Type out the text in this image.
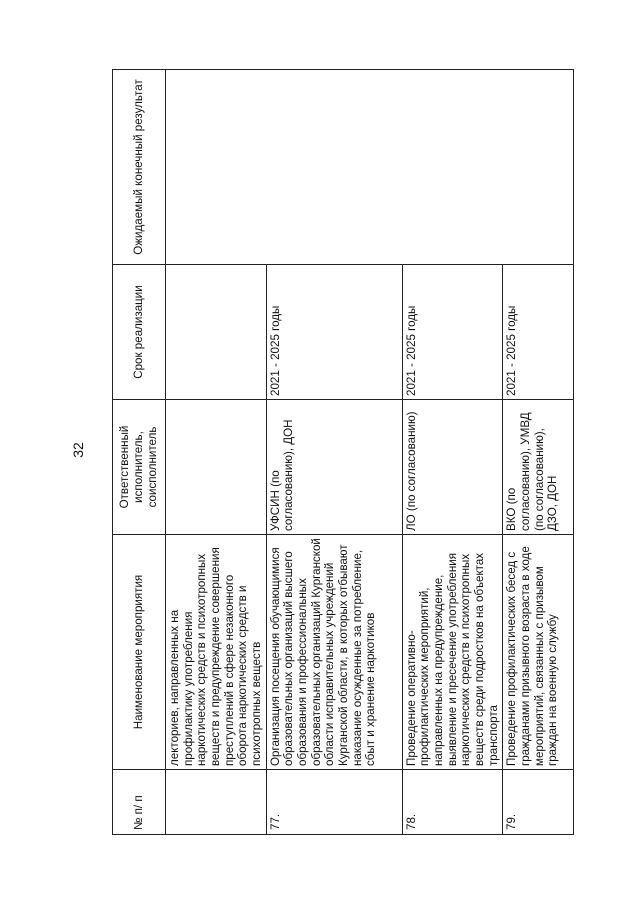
32
№ п/ п	Наименование мероприятия	Ответственный исполнитель, соисполнитель	Срок реализации	Ожидаемый конечный результат
	лекториев, направленных на профилактику употребления наркотических средств и психотропных веществ и предупреждение совершения преступлений в сфере незаконного оборота наркотических средств и психотропных веществ			
77.	Организация посещения обучающимися образовательных организаций высшего образования и профессиональных образовательных организаций Курганской области исправительных учреждений Курганской области, в которых отбывают наказание осужденные за потребление, сбыт и хранение наркотиков	УФСИН (по согласованию), ДОН	2021 - 2025 годы	
78.	Проведение оперативно-профилактических мероприятий, направленных на предупреждение, выявление и пресечение употребления наркотических средств и психотропных веществ среди подростков на объектах транспорта	ЛО (по согласованию)	2021 - 2025 годы	
79.	Проведение профилактических бесед с гражданами призывного возраста в ходе мероприятий, связанных с призывом граждан на военную службу	ВКО (по согласованию), УМВД (по согласованию), ДЗО, ДОН	2021 - 2025 годы	
